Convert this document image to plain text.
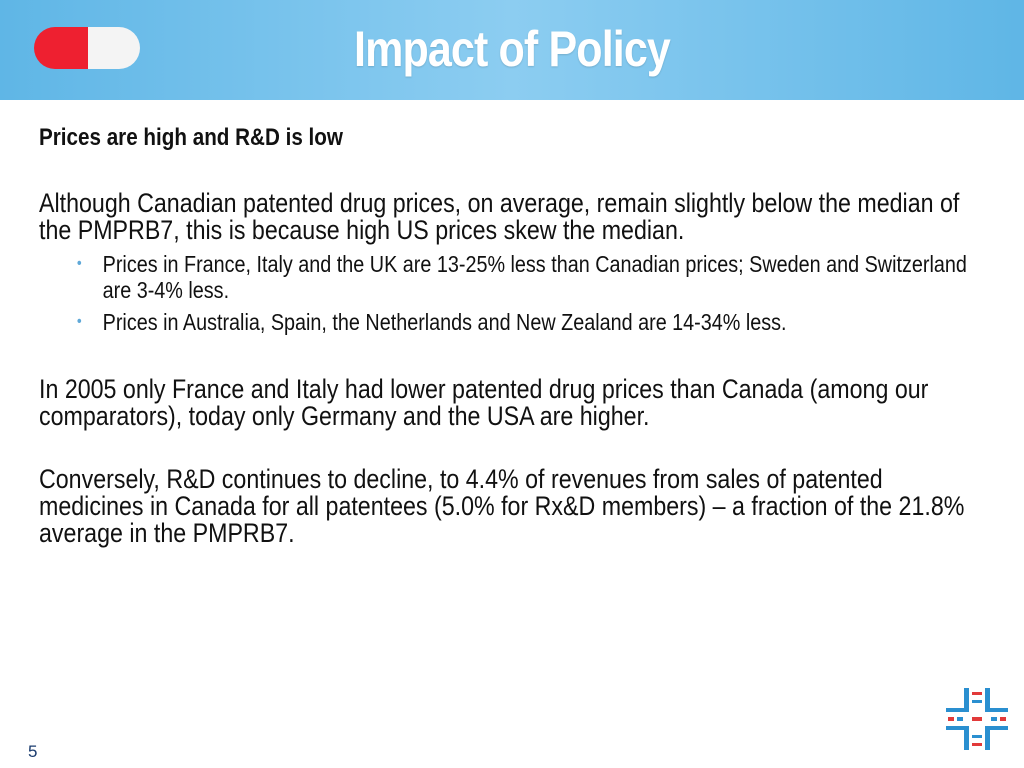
Impact of Policy

Prices are high and R&D is low

Although Canadian patented drug prices, on average, remain slightly below the median of the PMPRB7, this is because high US prices skew the median.

• Prices in France, Italy and the UK are 13-25% less than Canadian prices; Sweden and Switzerland are 3-4% less.
• Prices in Australia, Spain, the Netherlands and New Zealand are 14-34% less.

In 2005 only France and Italy had lower patented drug prices than Canada (among our comparators), today only Germany and the USA are higher.

Conversely, R&D continues to decline, to 4.4% of revenues from sales of patented medicines in Canada for all patentees (5.0% for Rx&D members) – a fraction of the 21.8% average in the PMPRB7.

5
